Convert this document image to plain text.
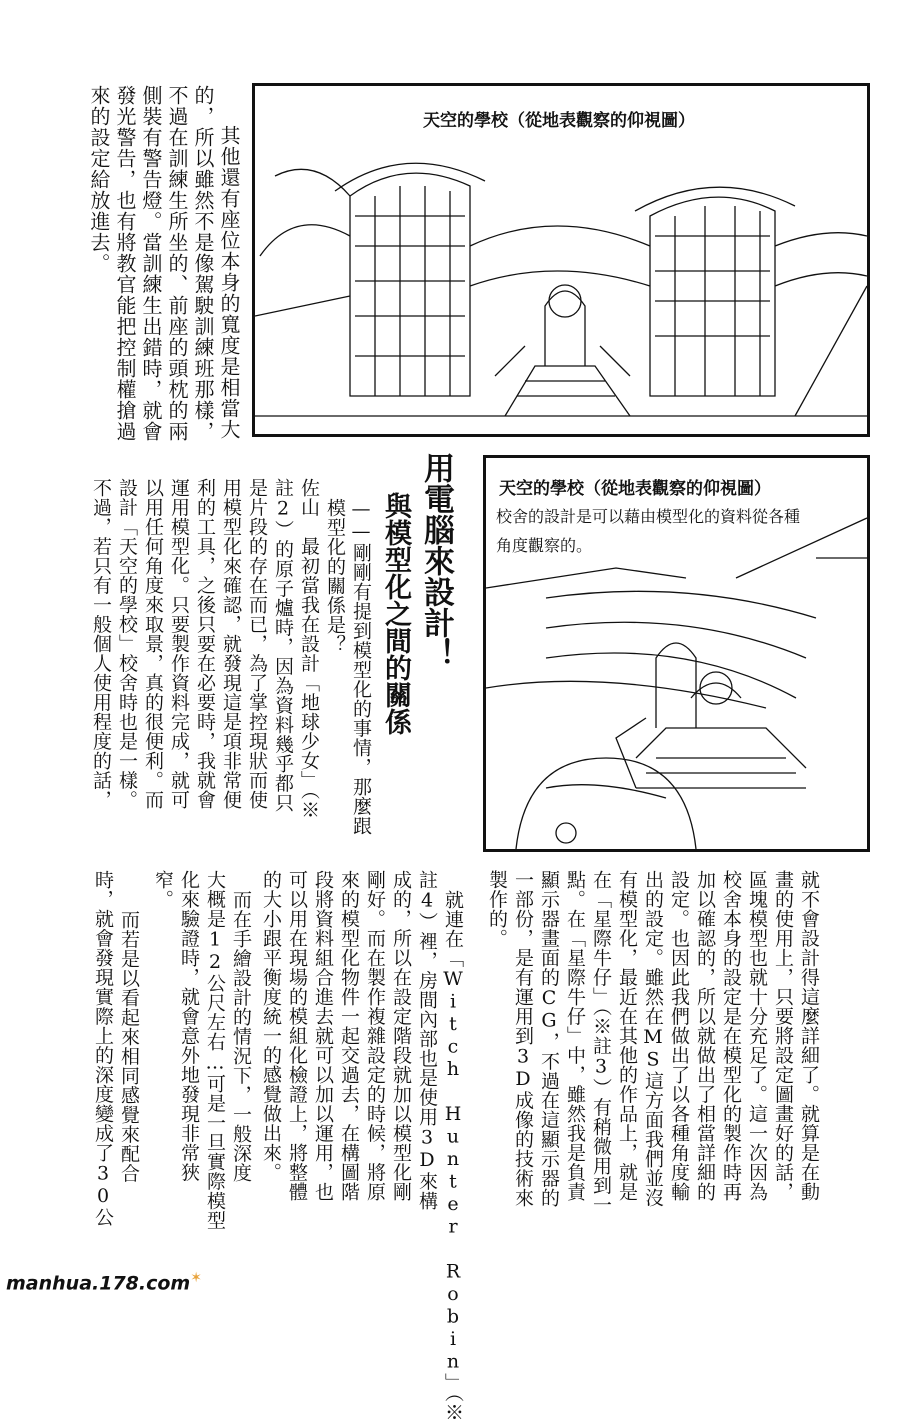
天空的學校（從地表觀察的仰視圖）
天空的學校（從地表觀察的仰視圖）
校舍的設計是可以藉由模型化的資料從各種
角度觀察的。
其他還有座位本身的寬度是相當大
的，所以雖然不是像駕駛訓練班那樣，
不過在訓練生所坐的、前座的頭枕的兩
側裝有警告燈。當訓練生出錯時，就會
發光警告，也有將教官能把控制權搶過
來的設定給放進去。
用電腦來設計！
與模型化之間的關係
——剛剛有提到模型化的事情，那麼跟
模型化的關係是？
佐山　最初當我在設計「地球少女」（※
註2）的原子爐時，因為資料幾乎都只
是片段的存在而已，為了掌控現狀而使
用模型化來確認，就發現這是項非常便
利的工具，之後只要在必要時，我就會
運用模型化。只要製作資料完成，就可
以用任何角度來取景，真的很便利。而
設計「天空的學校」校舍時也是一樣。
不過，若只有一般個人使用程度的話，
就不會設計得這麼詳細了。就算是在動
畫的使用上，只要將設定圖畫好的話，
區塊模型也就十分充足了。這一次因為
校舍本身的設定是在模型化的製作時再
加以確認的，所以就做出了相當詳細的
設定。也因此我們做出了以各種角度輸
出的設定。雖然在MS這方面我們並沒
有模型化，最近在其他的作品上，就是
在「星際牛仔」（※註3）有稍微用到一
點。在「星際牛仔」中，雖然我是負責
顯示器畫面的CG，不過在這顯示器的
一部份，是有運用到3D成像的技術來
製作的。
就連在「Witch Hunter Robin」（※
註4）裡，房間內部也是使用3D來構
成的，所以在設定階段就加以模型化剛
剛好。而在製作複雜設定的時候，將原
來的模型化物件一起交過去，在構圖階
段將資料組合進去就可以加以運用，也
可以用在現場的模組化檢證上，將整體
的大小跟平衡度統一的感覺做出來。
而在手繪設計的情況下，一般深度
大概是12公尺左右…可是一旦實際模型
化來驗證時，就會意外地發現非常狹
窄。
而若是以看起來相同感覺來配合
時，就會發現實際上的深度變成了30公
manhua.178.com✶
